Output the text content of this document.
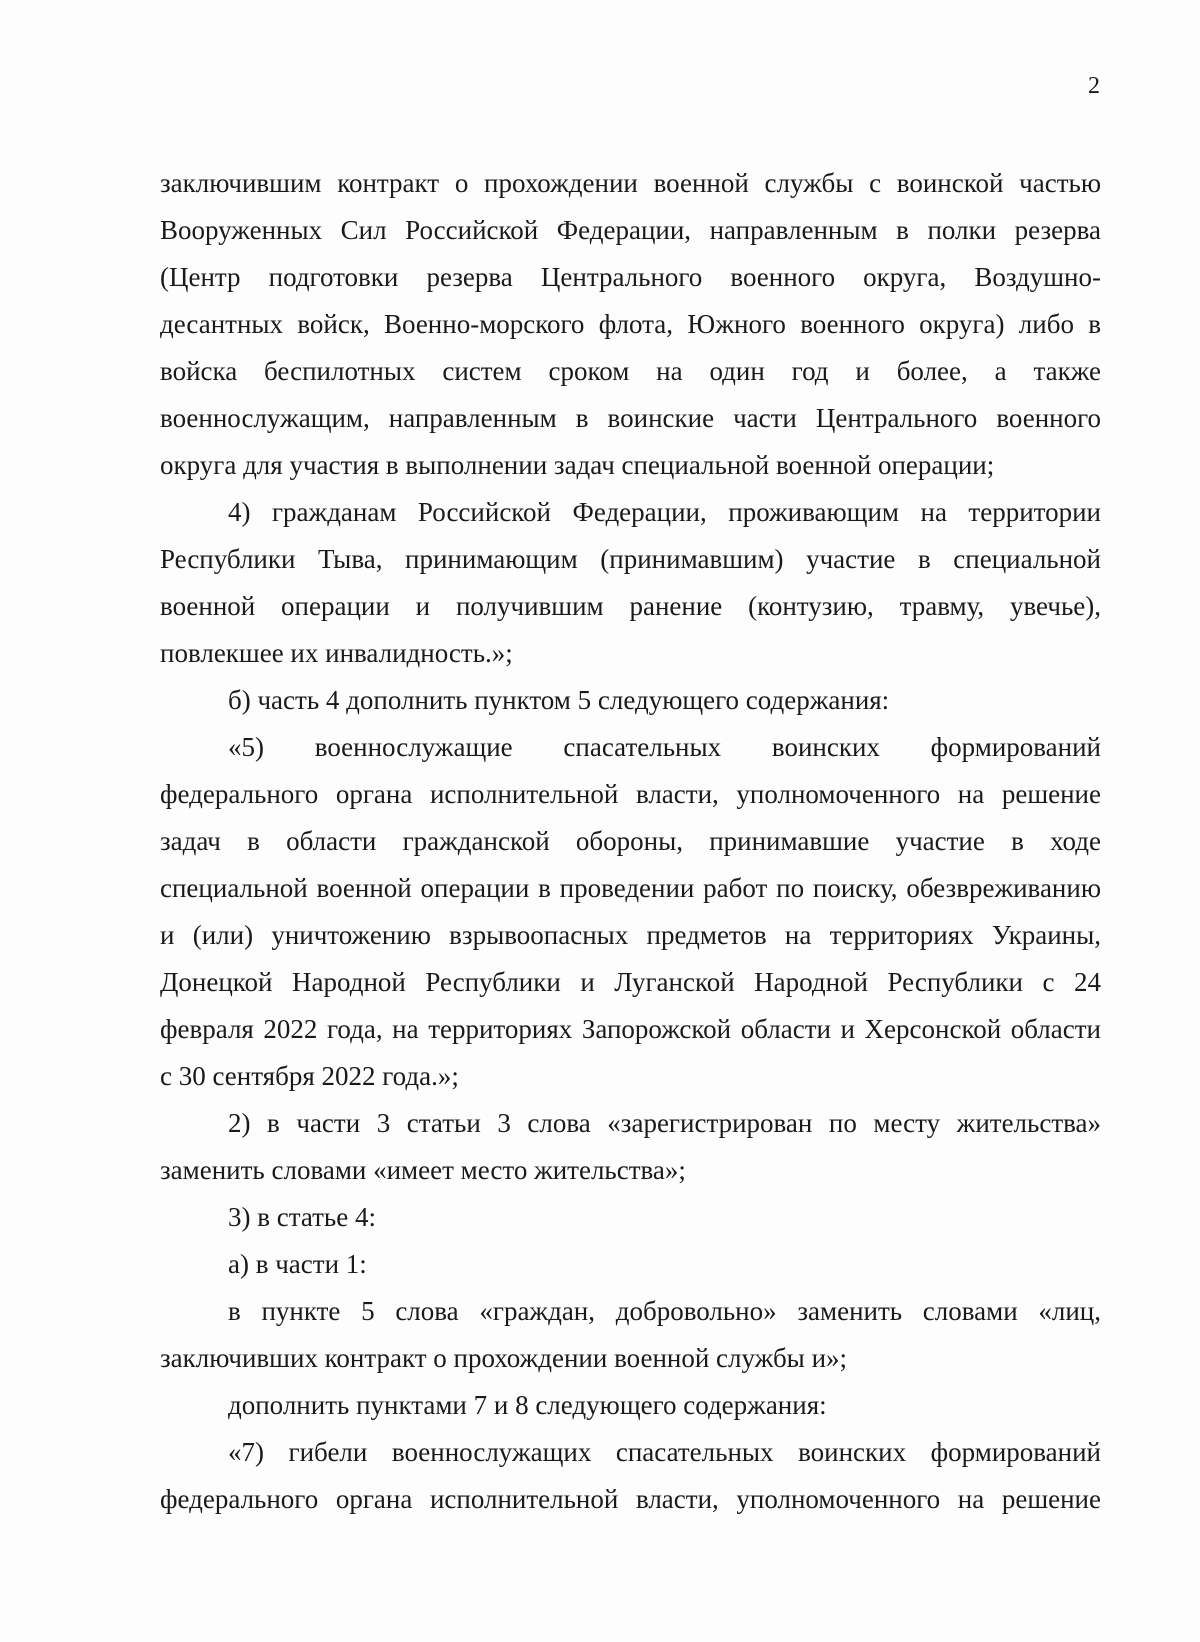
2
заключившим контракт о прохождении военной службы с воинской частью
Вооруженных Сил Российской Федерации, направленным в полки резерва
(Центр подготовки резерва Центрального военного округа, Воздушно-
десантных войск, Военно-морского флота, Южного военного округа) либо в
войска беспилотных систем сроком на один год и более, а также
военнослужащим, направленным в воинские части Центрального военного
округа для участия в выполнении задач специальной военной операции;
4) гражданам Российской Федерации, проживающим на территории
Республики Тыва, принимающим (принимавшим) участие в специальной
военной операции и получившим ранение (контузию, травму, увечье),
повлекшее их инвалидность.»;
б) часть 4 дополнить пунктом 5 следующего содержания:
«5) военнослужащие спасательных воинских формирований
федерального органа исполнительной власти, уполномоченного на решение
задач в области гражданской обороны, принимавшие участие в ходе
специальной военной операции в проведении работ по поиску, обезвреживанию
и (или) уничтожению взрывоопасных предметов на территориях Украины,
Донецкой Народной Республики и Луганской Народной Республики с 24
февраля 2022 года, на территориях Запорожской области и Херсонской области
с 30 сентября 2022 года.»;
2) в части 3 статьи 3 слова «зарегистрирован по месту жительства»
заменить словами «имеет место жительства»;
3) в статье 4:
а) в части 1:
в пункте 5 слова «граждан, добровольно» заменить словами «лиц,
заключивших контракт о прохождении военной службы и»;
дополнить пунктами 7 и 8 следующего содержания:
«7) гибели военнослужащих спасательных воинских формирований
федерального органа исполнительной власти, уполномоченного на решение
